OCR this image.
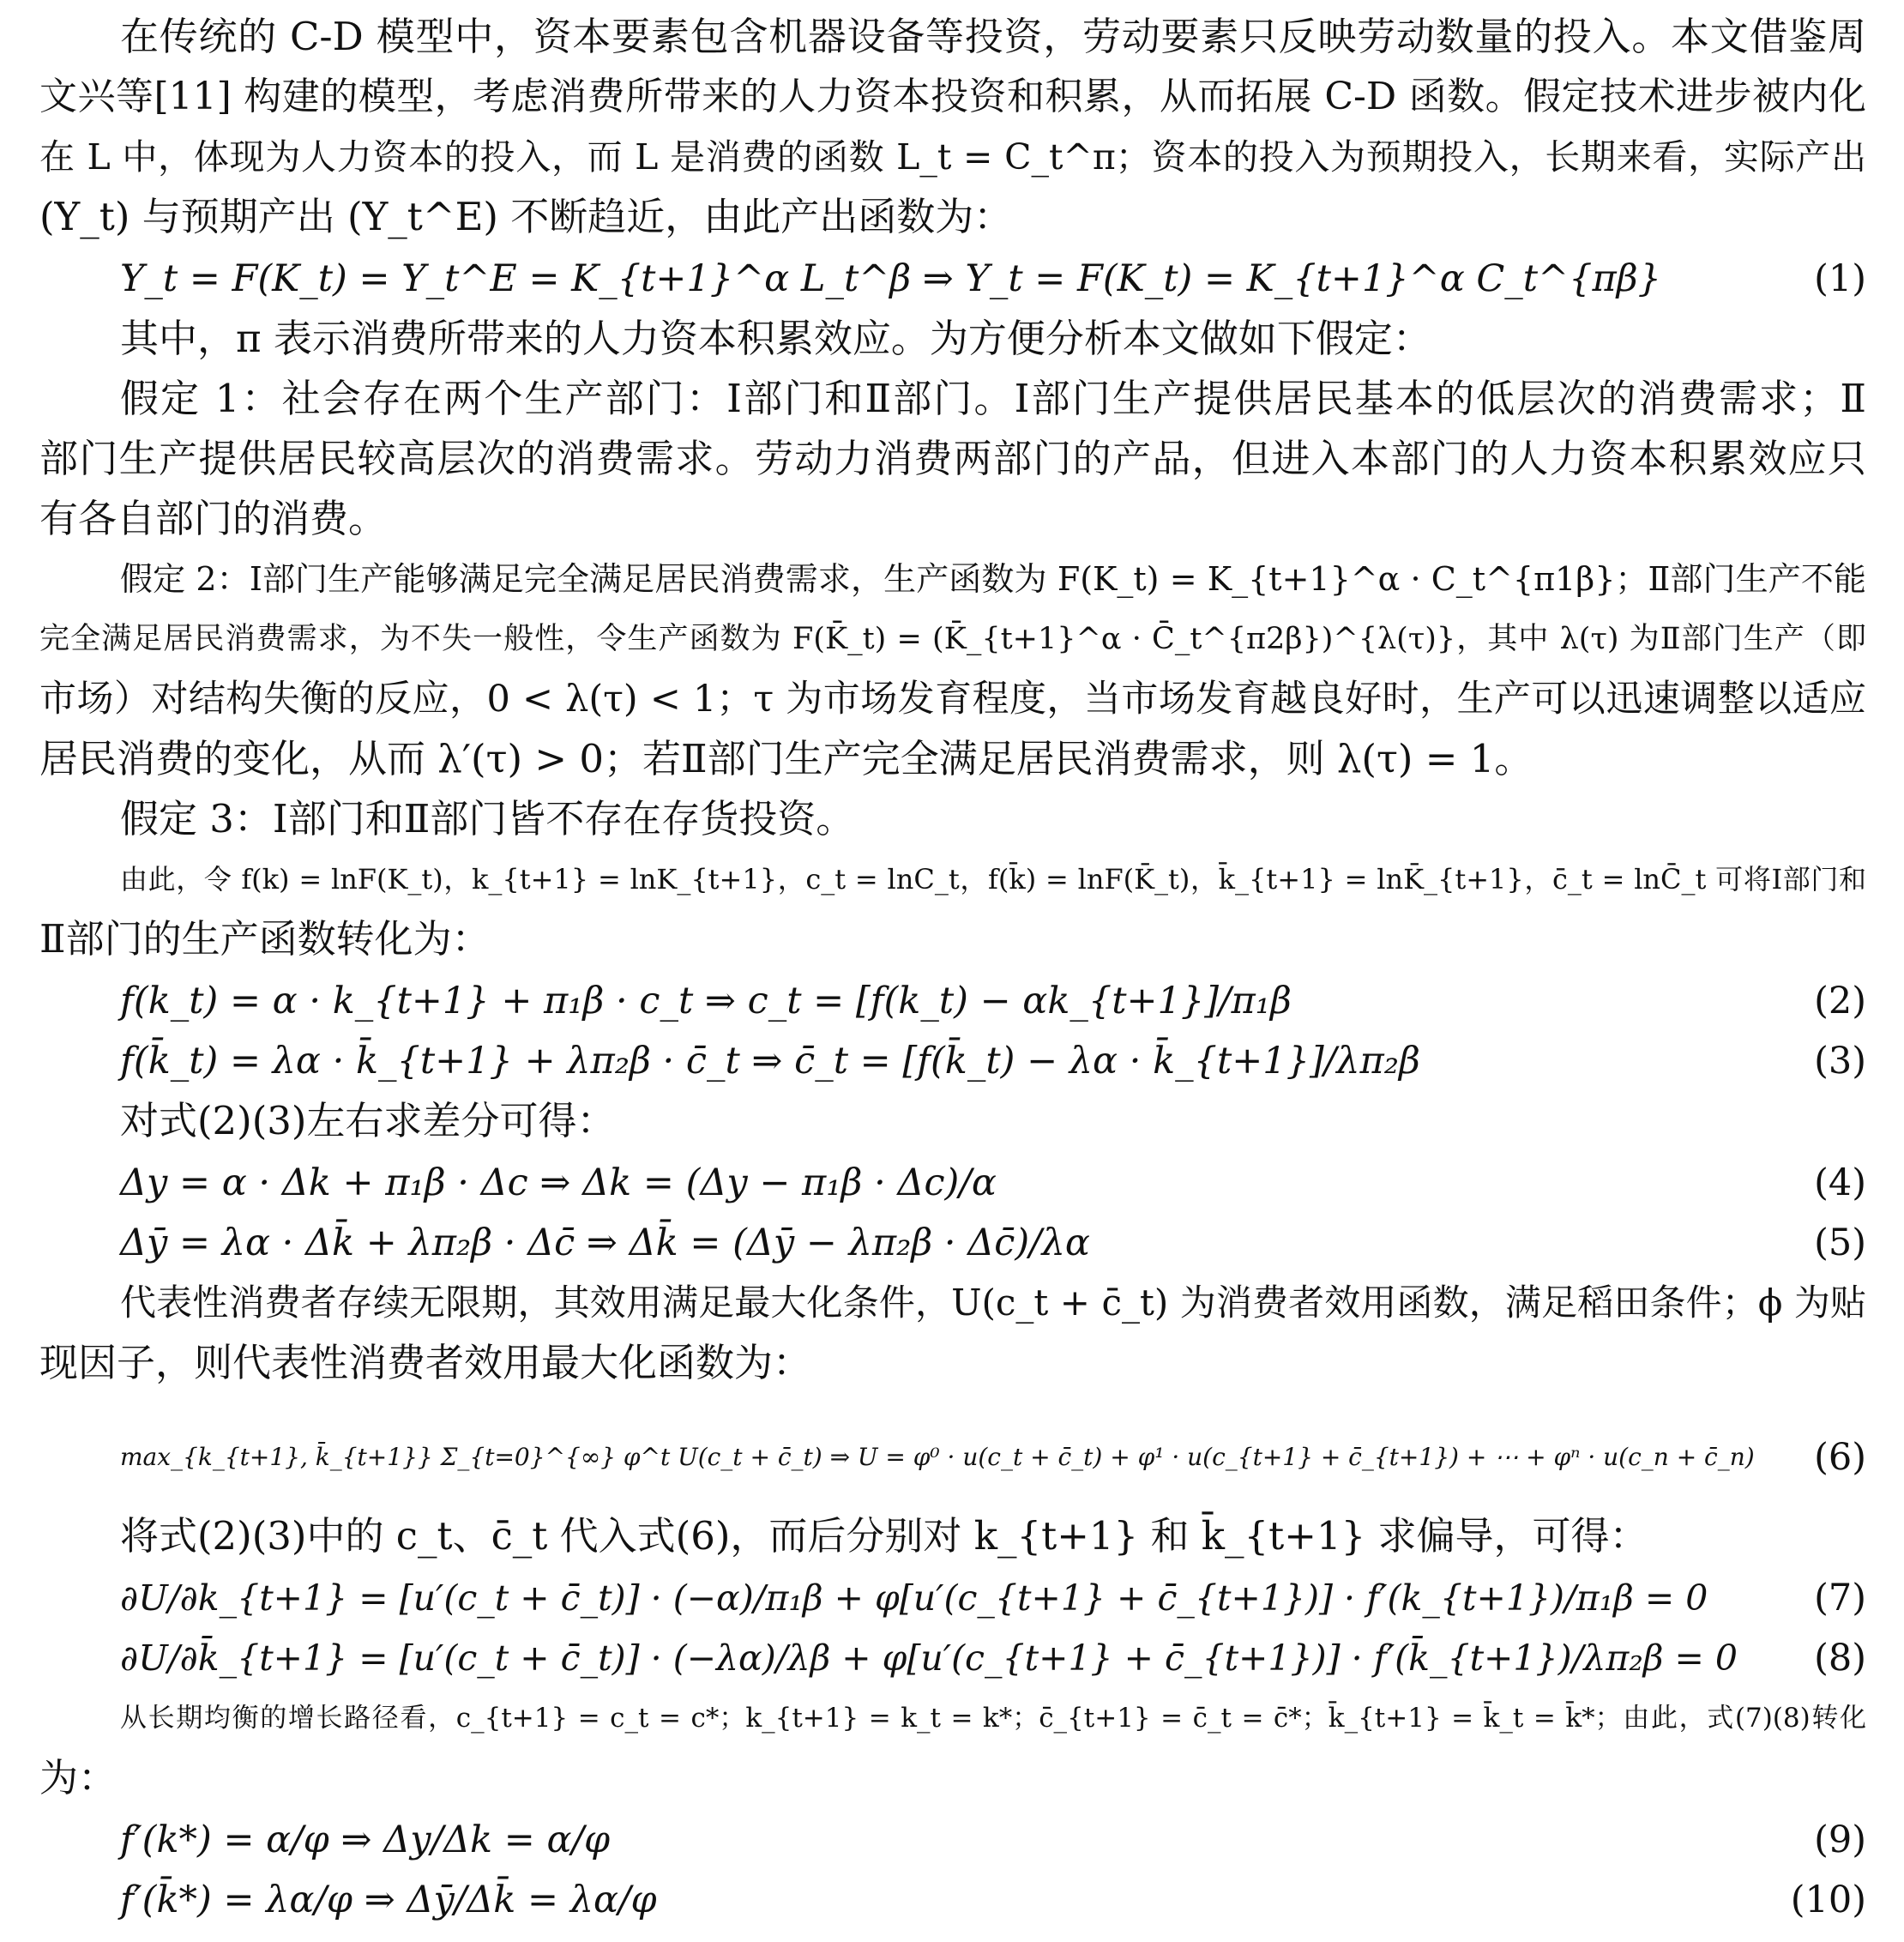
在传统的 C-D 模型中，资本要素包含机器设备等投资，劳动要素只反映劳动数量的投入。本文借鉴周
文兴等[11] 构建的模型，考虑消费所带来的人力资本投资和积累，从而拓展 C-D 函数。假定技术进步被内化
在 L 中，体现为人力资本的投入，而 L 是消费的函数 L_t = C_t^π；资本的投入为预期投入，长期来看，实际产出
(Y_t) 与预期产出 (Y_t^E) 不断趋近，由此产出函数为：
Y_t = F(K_t) = Y_t^E = K_{t+1}^α L_t^β ⇒ Y_t = F(K_t) = K_{t+1}^α C_t^{πβ}	(1)
其中，π 表示消费所带来的人力资本积累效应。为方便分析本文做如下假定：
假定 1：社会存在两个生产部门：Ⅰ部门和Ⅱ部门。Ⅰ部门生产提供居民基本的低层次的消费需求；Ⅱ
部门生产提供居民较高层次的消费需求。劳动力消费两部门的产品，但进入本部门的人力资本积累效应只
有各自部门的消费。
假定 2：Ⅰ部门生产能够满足完全满足居民消费需求，生产函数为 F(K_t) = K_{t+1}^α · C_t^{π1β}；Ⅱ部门生产不能
完全满足居民消费需求，为不失一般性，令生产函数为 F(K̄_t) = (K̄_{t+1}^α · C̄_t^{π2β})^{λ(τ)}，其中 λ(τ) 为Ⅱ部门生产（即
市场）对结构失衡的反应，0 < λ(τ) < 1；τ 为市场发育程度，当市场发育越良好时，生产可以迅速调整以适应
居民消费的变化，从而 λ′(τ) > 0；若Ⅱ部门生产完全满足居民消费需求，则 λ(τ) = 1。
假定 3：Ⅰ部门和Ⅱ部门皆不存在存货投资。
由此，令 f(k) = lnF(K_t)，k_{t+1} = lnK_{t+1}，c_t = lnC_t，f(k̄) = lnF(K̄_t)，k̄_{t+1} = lnK̄_{t+1}，c̄_t = lnC̄_t 可将Ⅰ部门和
Ⅱ部门的生产函数转化为：
f(k_t) = α · k_{t+1} + π₁β · c_t ⇒ c_t = [f(k_t) − αk_{t+1}]/π₁β	(2)
f(k̄_t) = λα · k̄_{t+1} + λπ₂β · c̄_t ⇒ c̄_t = [f(k̄_t) − λα · k̄_{t+1}]/λπ₂β	(3)
对式(2)(3)左右求差分可得：
Δy = α · Δk + π₁β · Δc ⇒ Δk = (Δy − π₁β · Δc)/α	(4)
Δȳ = λα · Δk̄ + λπ₂β · Δc̄ ⇒ Δk̄ = (Δȳ − λπ₂β · Δc̄)/λα	(5)
代表性消费者存续无限期，其效用满足最大化条件，U(c_t + c̄_t) 为消费者效用函数，满足稻田条件；ϕ 为贴
现因子，则代表性消费者效用最大化函数为：
max_{k_{t+1}, k̄_{t+1}} Σ_{t=0}^{∞} φ^t U(c_t + c̄_t) ⇒ U = φ⁰ · u(c_t + c̄_t) + φ¹ · u(c_{t+1} + c̄_{t+1}) + ⋯ + φⁿ · u(c_n + c̄_n) (6)
将式(2)(3)中的 c_t、c̄_t 代入式(6)，而后分别对 k_{t+1} 和 k̄_{t+1} 求偏导，可得：
∂U/∂k_{t+1} = [u′(c_t + c̄_t)] · (−α)/π₁β + φ[u′(c_{t+1} + c̄_{t+1})] · f′(k_{t+1})/π₁β = 0	(7)
∂U/∂k̄_{t+1} = [u′(c_t + c̄_t)] · (−λα)/λβ + φ[u′(c_{t+1} + c̄_{t+1})] · f′(k̄_{t+1})/λπ₂β = 0 (8)
从长期均衡的增长路径看，c_{t+1} = c_t = c*；k_{t+1} = k_t = k*；c̄_{t+1} = c̄_t = c̄*；k̄_{t+1} = k̄_t = k̄*；由此，式(7)(8)转化
为：
f′(k*) = α/φ ⇒ Δy/Δk = α/φ	(9)
f′(k̄*) = λα/φ ⇒ Δȳ/Δk̄ = λα/φ	(10)
